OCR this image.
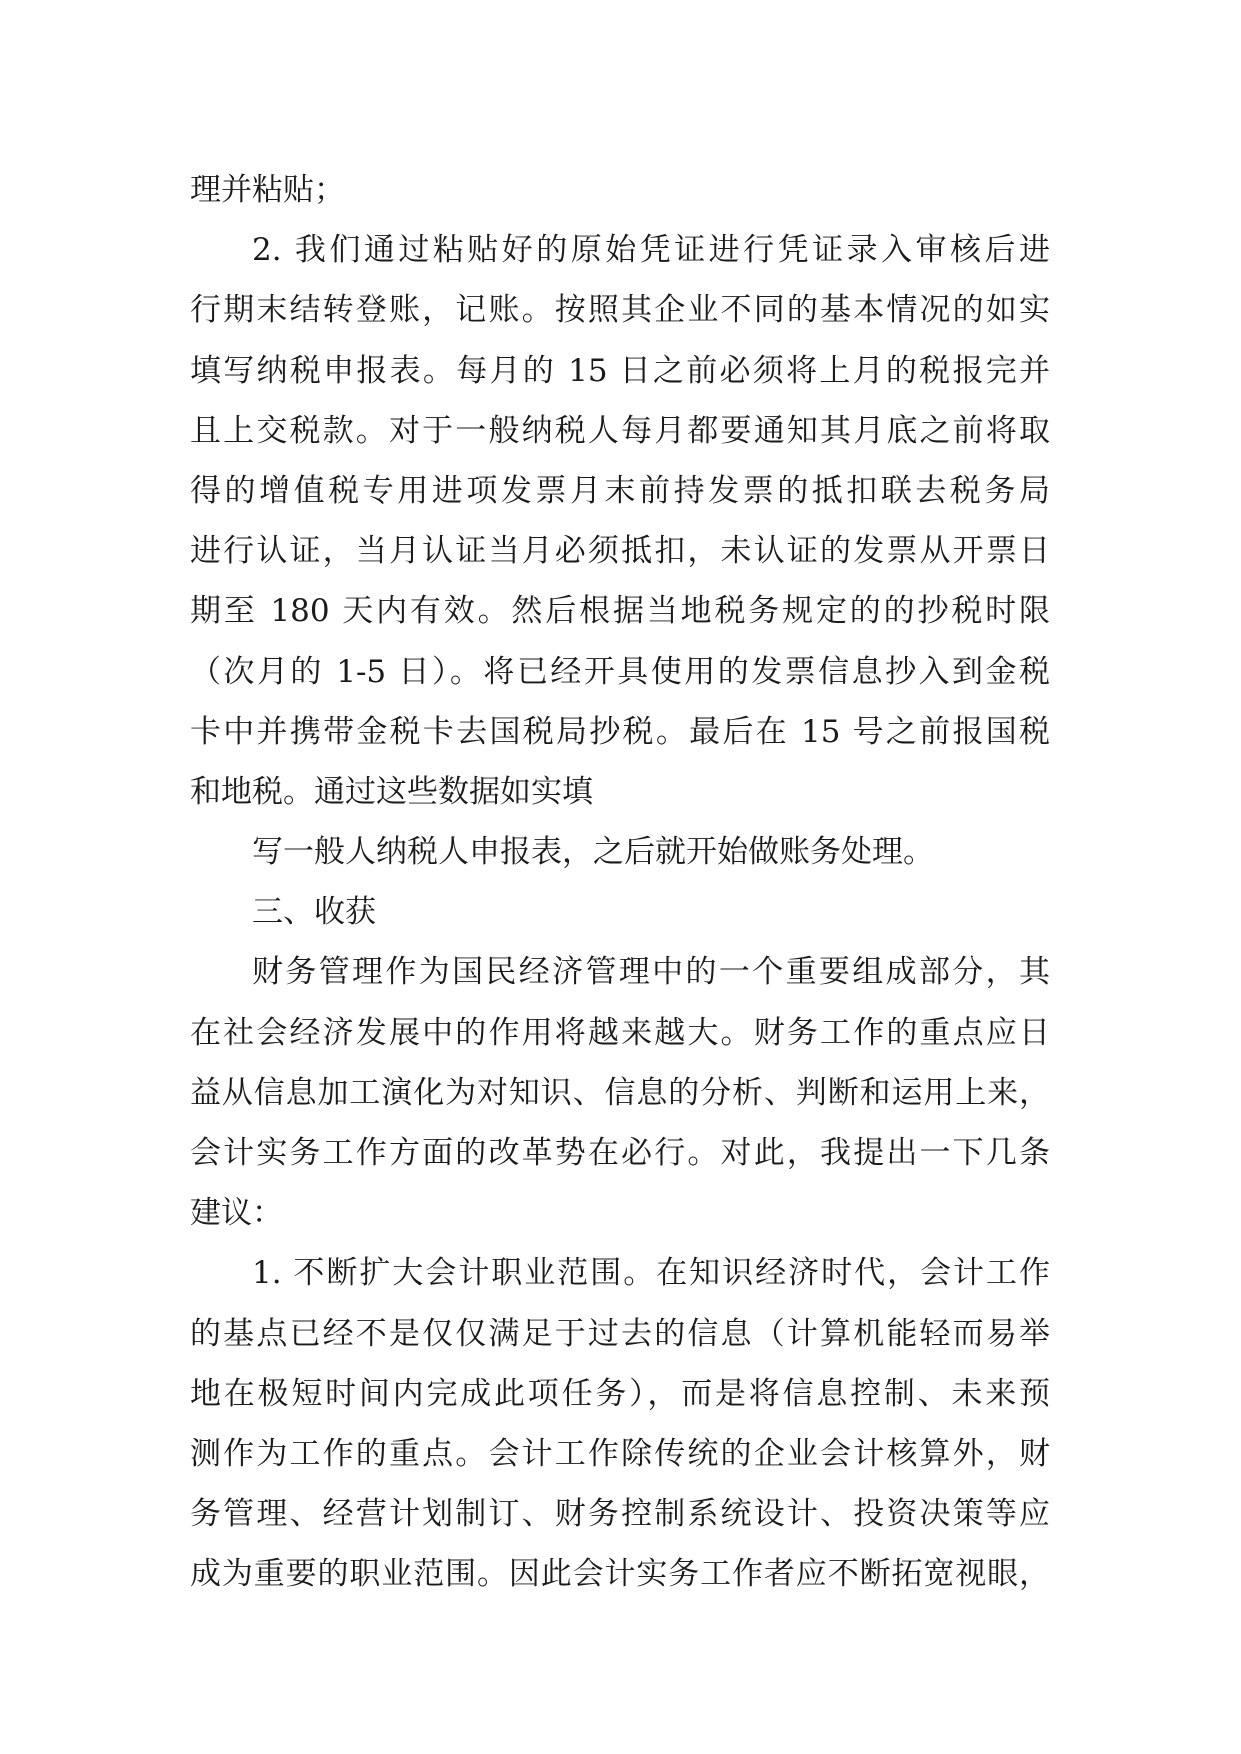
理并粘贴；
2. 我们通过粘贴好的原始凭证进行凭证录入审核后进
行期末结转登账，记账。按照其企业不同的基本情况的如实
填写纳税申报表。每月的 15 日之前必须将上月的税报完并
且上交税款。对于一般纳税人每月都要通知其月底之前将取
得的增值税专用进项发票月末前持发票的抵扣联去税务局
进行认证，当月认证当月必须抵扣，未认证的发票从开票日
期至 180 天内有效。然后根据当地税务规定的的抄税时限
（次月的 1-5 日）。将已经开具使用的发票信息抄入到金税
卡中并携带金税卡去国税局抄税。最后在 15 号之前报国税
和地税。通过这些数据如实填
写一般人纳税人申报表，之后就开始做账务处理。
三、收获
财务管理作为国民经济管理中的一个重要组成部分，其
在社会经济发展中的作用将越来越大。财务工作的重点应日
益从信息加工演化为对知识、信息的分析、判断和运用上来，
会计实务工作方面的改革势在必行。对此，我提出一下几条
建议：
1. 不断扩大会计职业范围。在知识经济时代，会计工作
的基点已经不是仅仅满足于过去的信息（计算机能轻而易举
地在极短时间内完成此项任务），而是将信息控制、未来预
测作为工作的重点。会计工作除传统的企业会计核算外，财
务管理、经营计划制订、财务控制系统设计、投资决策等应
成为重要的职业范围。因此会计实务工作者应不断拓宽视眼，
